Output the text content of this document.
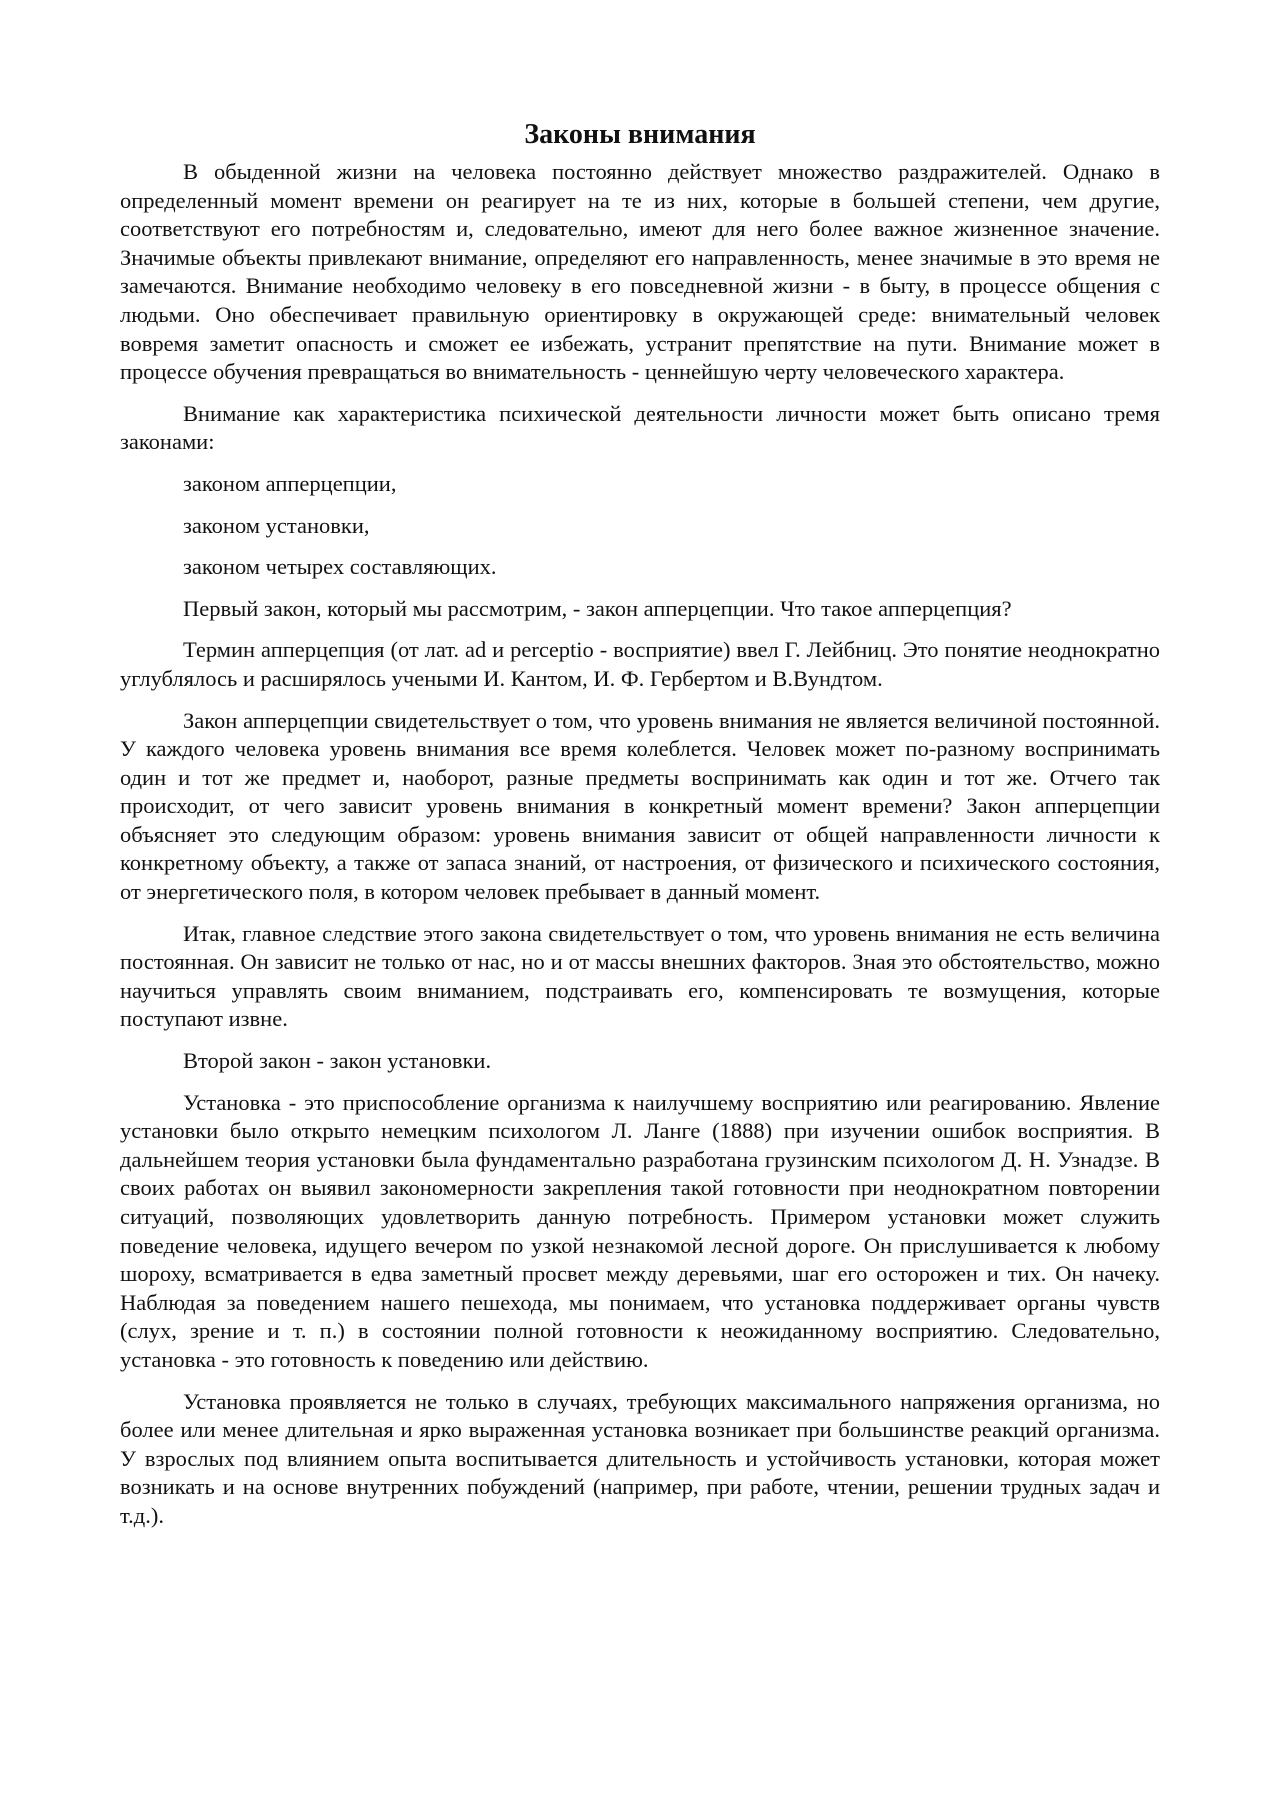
Законы внимания

В обыденной жизни на человека постоянно действует множество раздражителей. Однако в определенный момент времени он реагирует на те из них, которые в большей степени, чем другие, соответствуют его потребностям и, следовательно, имеют для него более важное жизненное значение. Значимые объекты привлекают внимание, определяют его направленность, менее значимые в это время не замечаются. Внимание необходимо человеку в его повседневной жизни - в быту, в процессе общения с людьми. Оно обеспечивает правильную ориентировку в окружающей среде: внимательный человек вовремя заметит опасность и сможет ее избежать, устранит препятствие на пути. Внимание может в процессе обучения превращаться во внимательность - ценнейшую черту человеческого характера.

Внимание как характеристика психической деятельности личности может быть описано тремя законами:

законом апперцепции,

законом установки,

законом четырех составляющих.

Первый закон, который мы рассмотрим, - закон апперцепции. Что такое апперцепция?

Термин апперцепция (от лат. ad и perceptio - восприятие) ввел Г. Лейбниц. Это понятие неоднократно углублялось и расширялось учеными И. Кантом, И. Ф. Гербертом и В.Вундтом.

Закон апперцепции свидетельствует о том, что уровень внимания не является величиной постоянной. У каждого человека уровень внимания все время колеблется. Человек может по-разному воспринимать один и тот же предмет и, наоборот, разные предметы воспринимать как один и тот же. Отчего так происходит, от чего зависит уровень внимания в конкретный момент времени? Закон апперцепции объясняет это следующим образом: уровень внимания зависит от общей направленности личности к конкретному объекту, а также от запаса знаний, от настроения, от физического и психического состояния, от энергетического поля, в котором человек пребывает в данный момент.

Итак, главное следствие этого закона свидетельствует о том, что уровень внимания не есть величина постоянная. Он зависит не только от нас, но и от массы внешних факторов. Зная это обстоятельство, можно научиться управлять своим вниманием, подстраивать его, компенсировать те возмущения, которые поступают извне.

Второй закон - закон установки.

Установка - это приспособление организма к наилучшему восприятию или реагированию. Явление установки было открыто немецким психологом Л. Ланге (1888) при изучении ошибок восприятия. В дальнейшем теория установки была фундаментально разработана грузинским психологом Д. Н. Узнадзе. В своих работах он выявил закономерности закрепления такой готовности при неоднократном повторении ситуаций, позволяющих удовлетворить данную потребность. Примером установки может служить поведение человека, идущего вечером по узкой незнакомой лесной дороге. Он прислушивается к любому шороху, всматривается в едва заметный просвет между деревьями, шаг его осторожен и тих. Он начеку. Наблюдая за поведением нашего пешехода, мы понимаем, что установка поддерживает органы чувств (слух, зрение и т. п.) в состоянии полной готовности к неожиданному восприятию. Следовательно, установка - это готовность к поведению или действию.

Установка проявляется не только в случаях, требующих максимального напряжения организма, но более или менее длительная и ярко выраженная установка возникает при большинстве реакций организма. У взрослых под влиянием опыта воспитывается длительность и устойчивость установки, которая может возникать и на основе внутренних побуждений (например, при работе, чтении, решении трудных задач и т.д.).
